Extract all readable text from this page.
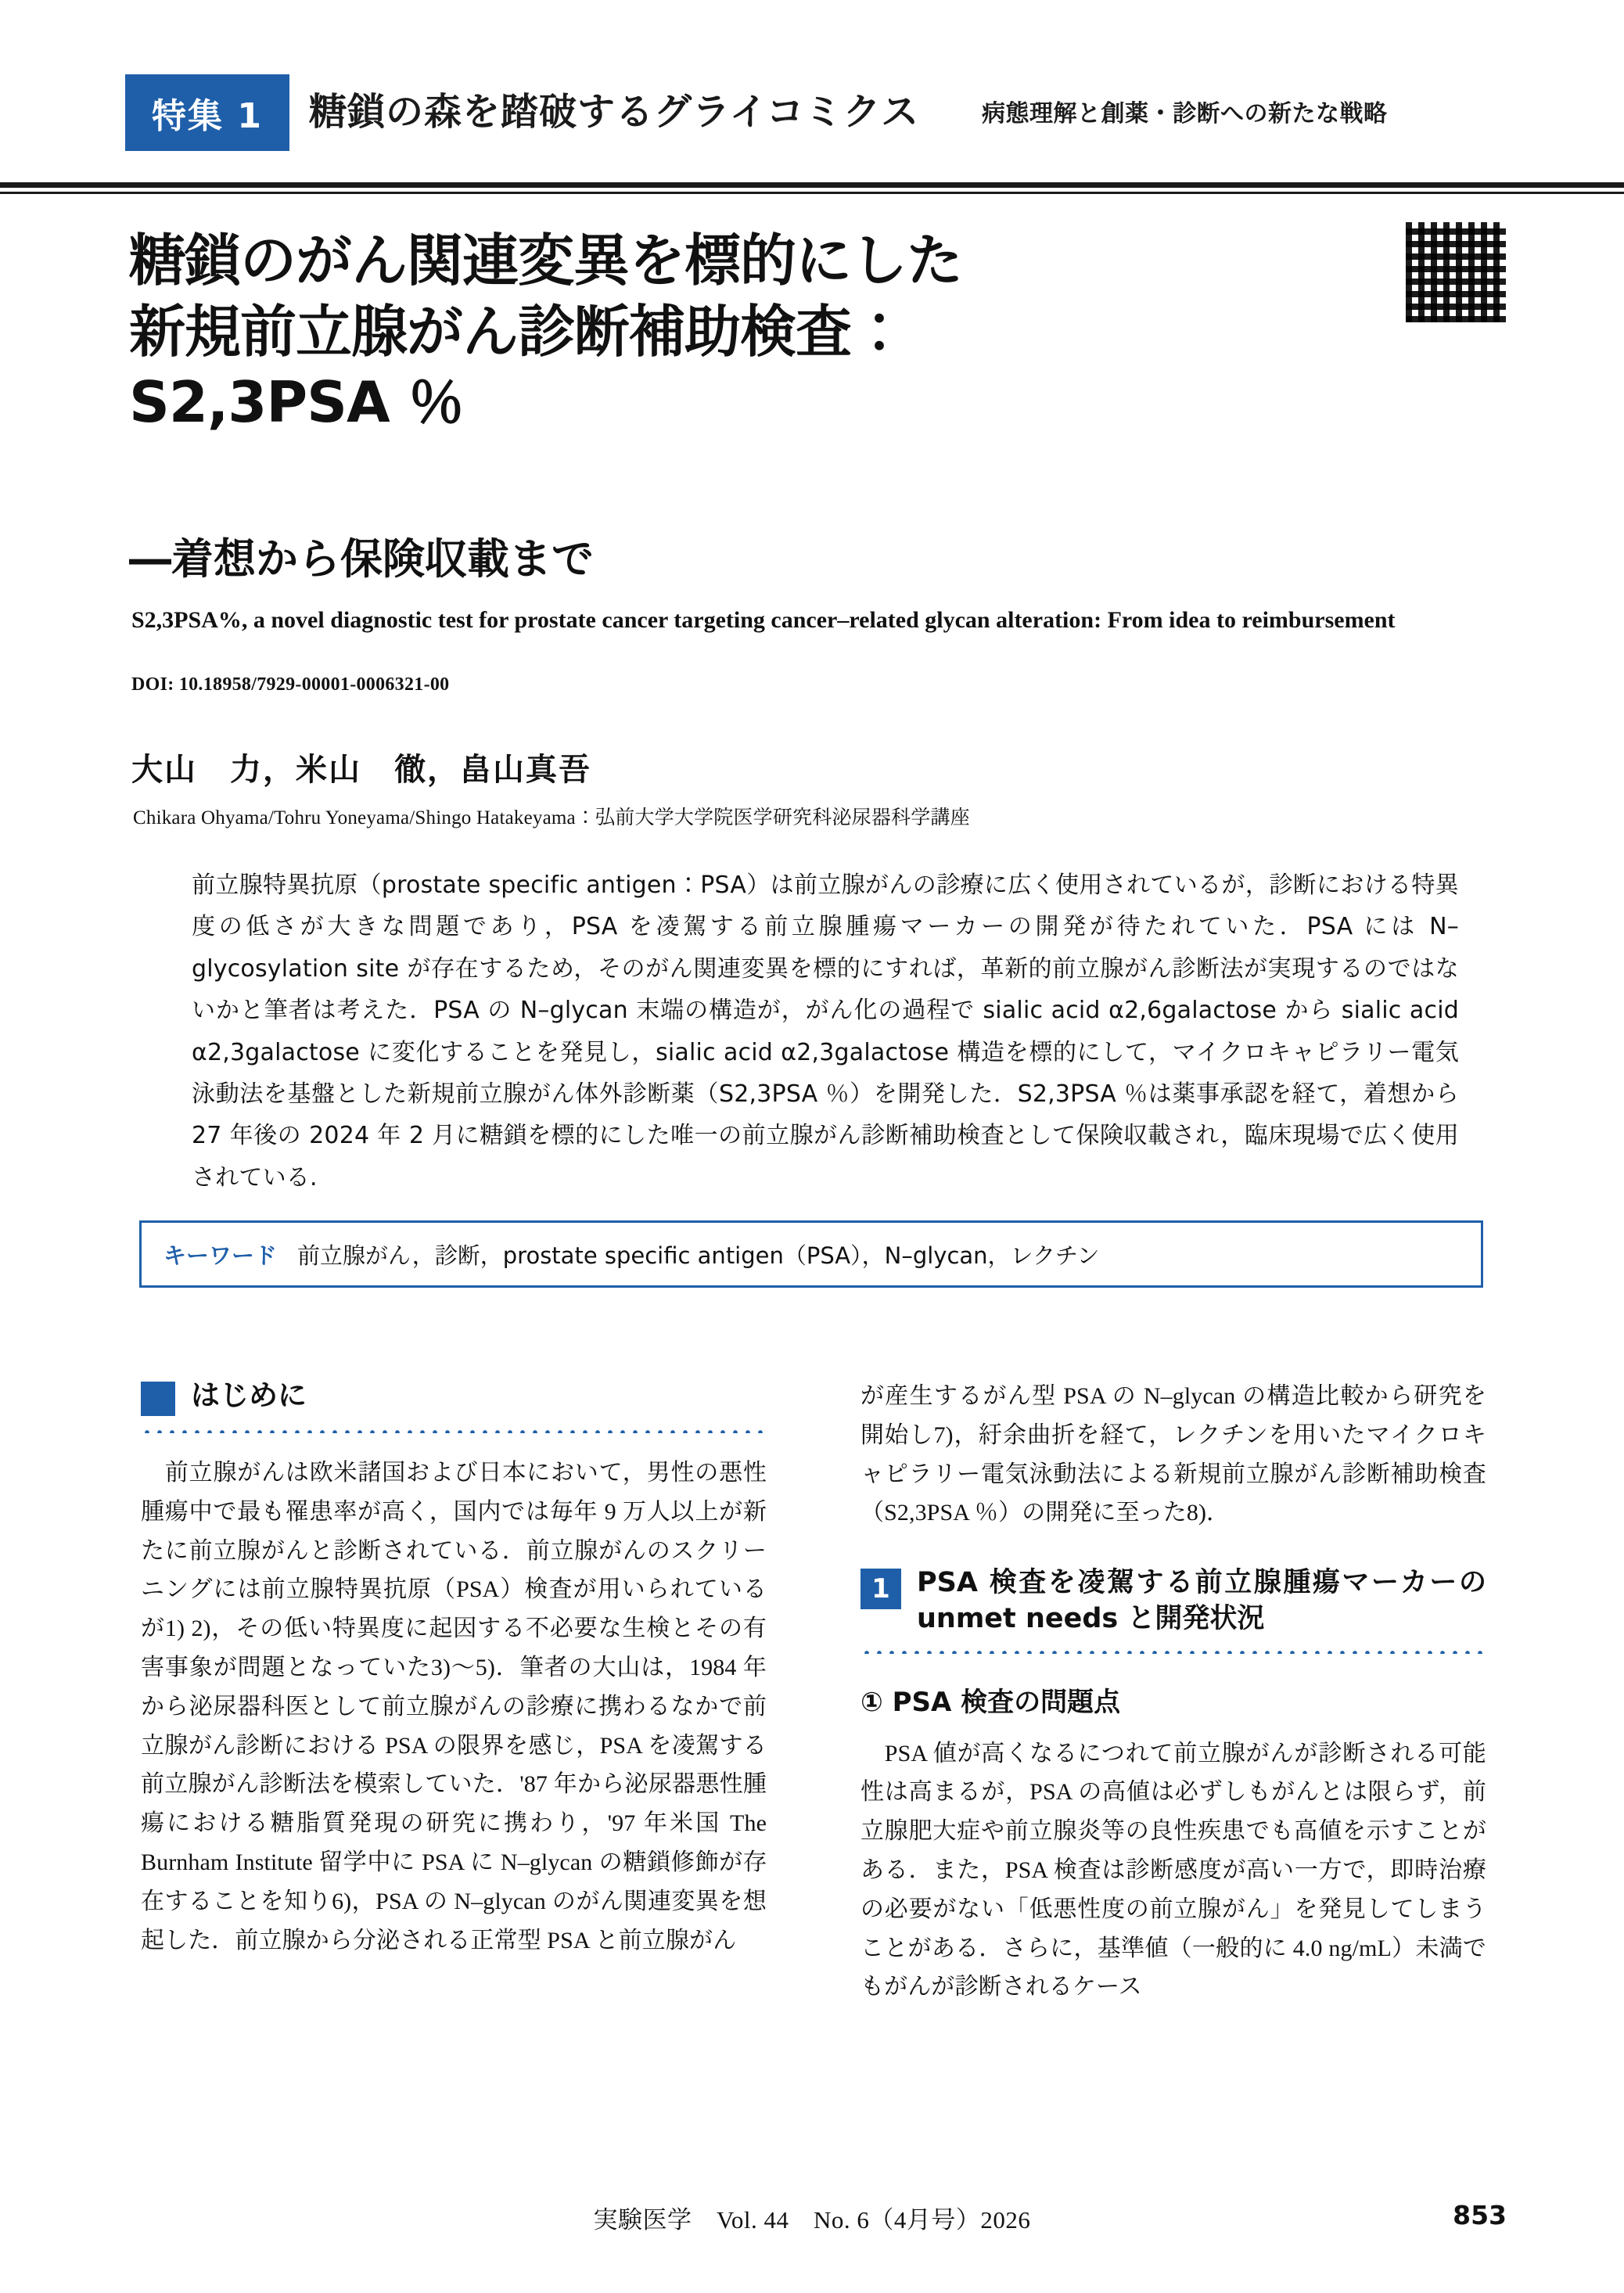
特集 1 糖鎖の森を踏破するグライコミクス	病態理解と創薬・診断への新たな戦略
糖鎖のがん関連変異を標的にした
新規前立腺がん診断補助検査：
S2,3PSA ％
―着想から保険収載まで
S2,3PSA%, a novel diagnostic test for prostate cancer targeting cancer–related glycan alteration: From idea to reimbursement
DOI: 10.18958/7929-00001-0006321-00
大山　力，米山　徹，畠山真吾
Chikara Ohyama/Tohru Yoneyama/Shingo Hatakeyama：弘前大学大学院医学研究科泌尿器科学講座
前立腺特異抗原（prostate specific antigen：PSA）は前立腺がんの診療に広く使用されているが，診断における特異度の低さが大きな問題であり，PSA を凌駕する前立腺腫瘍マーカーの開発が待たれていた．PSA には N–glycosylation site が存在するため，そのがん関連変異を標的にすれば，革新的前立腺がん診断法が実現するのではないかと筆者は考えた．PSA の N–glycan 末端の構造が，がん化の過程で sialic acid α2,6galactose から sialic acid α2,3galactose に変化することを発見し，sialic acid α2,3galactose 構造を標的にして，マイクロキャピラリー電気泳動法を基盤とした新規前立腺がん体外診断薬（S2,3PSA ％）を開発した．S2,3PSA ％は薬事承認を経て，着想から 27 年後の 2024 年 2 月に糖鎖を標的にした唯一の前立腺がん診断補助検査として保険収載され，臨床現場で広く使用されている.
キーワード 前立腺がん，診断，prostate specific antigen（PSA），N–glycan，レクチン
はじめに

　前立腺がんは欧米諸国および日本において，男性の悪性腫瘍中で最も罹患率が高く，国内では毎年 9 万人以上が新たに前立腺がんと診断されている．前立腺がんのスクリーニングには前立腺特異抗原（PSA）検査が用いられているが1) 2)，その低い特異度に起因する不必要な生検とその有害事象が問題となっていた3)〜5)．筆者の大山は，1984 年から泌尿器科医として前立腺がんの診療に携わるなかで前立腺がん診断における PSA の限界を感じ，PSA を凌駕する前立腺がん診断法を模索していた．'87 年から泌尿器悪性腫瘍における糖脂質発現の研究に携わり，'97 年米国 The Burnham Institute 留学中に PSA に N–glycan の糖鎖修飾が存在することを知り6)，PSA の N–glycan のがん関連変異を想起した．前立腺から分泌される正常型 PSA と前立腺がん

が産生するがん型 PSA の N–glycan の構造比較から研究を開始し7)，紆余曲折を経て，レクチンを用いたマイクロキャピラリー電気泳動法による新規前立腺がん診断補助検査（S2,3PSA ％）の開発に至った8)．

1 PSA 検査を凌駕する前立腺腫瘍マーカーの unmet needs と開発状況
① PSA 検査の問題点

　PSA 値が高くなるにつれて前立腺がんが診断される可能性は高まるが，PSA の高値は必ずしもがんとは限らず，前立腺肥大症や前立腺炎等の良性疾患でも高値を示すことがある．また，PSA 検査は診断感度が高い一方で，即時治療の必要がない「低悪性度の前立腺がん」を発見してしまうことがある．さらに，基準値（一般的に 4.0 ng/mL）未満でもがんが診断されるケース

実験医学　Vol. 44　No. 6（4月号）2026	853
